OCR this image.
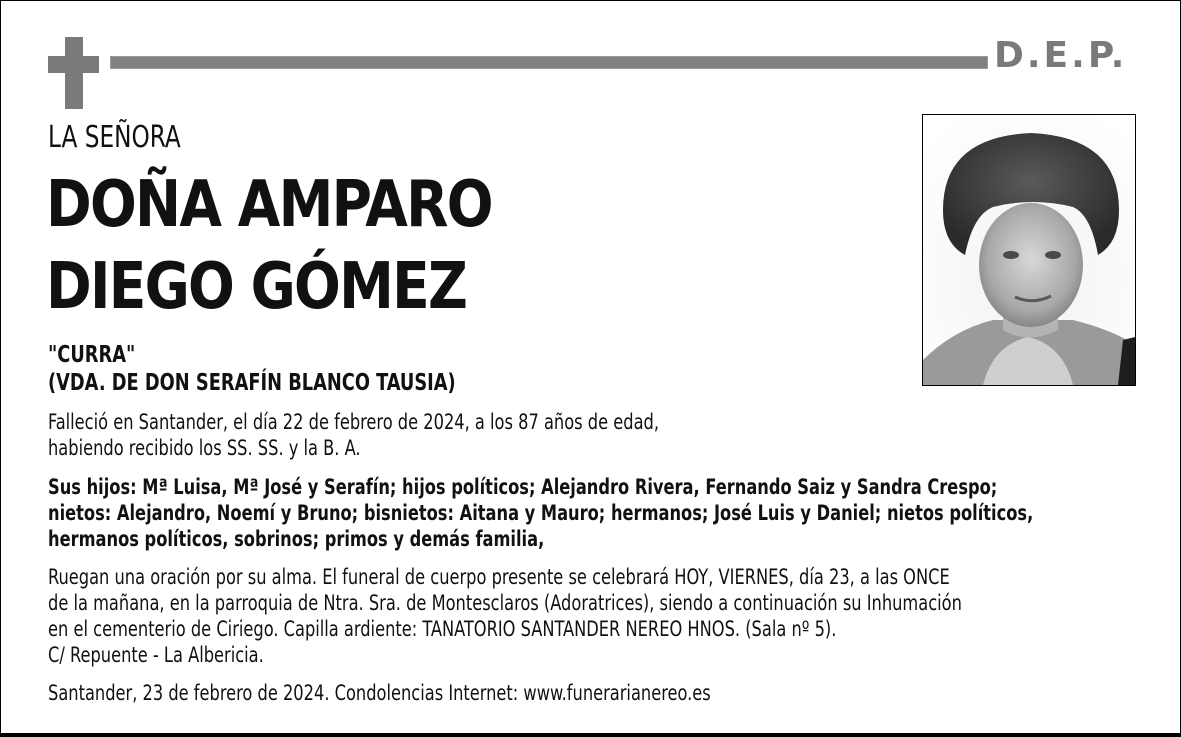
D.E.P.
LA SEÑORA
DOÑA AMPARO
DIEGO GÓMEZ
"CURRA"
(VDA. DE DON SERAFÍN BLANCO TAUSIA)
Falleció en Santander, el día 22 de febrero de 2024, a los 87 años de edad,
habiendo recibido los SS. SS. y la B. A.
Sus hijos: Mª Luisa, Mª José y Serafín; hijos políticos; Alejandro Rivera, Fernando Saiz y Sandra Crespo;
nietos: Alejandro, Noemí y Bruno; bisnietos: Aitana y Mauro; hermanos; José Luis y Daniel; nietos políticos,
hermanos políticos, sobrinos; primos y demás familia,
Ruegan una oración por su alma. El funeral de cuerpo presente se celebrará HOY, VIERNES, día 23, a las ONCE
de la mañana, en la parroquia de Ntra. Sra. de Montesclaros (Adoratrices), siendo a continuación su Inhumación
en el cementerio de Ciriego. Capilla ardiente: TANATORIO SANTANDER NEREO HNOS. (Sala nº 5).
C/ Repuente - La Albericia.
Santander, 23 de febrero de 2024. Condolencias Internet: www.funerarianereo.es
